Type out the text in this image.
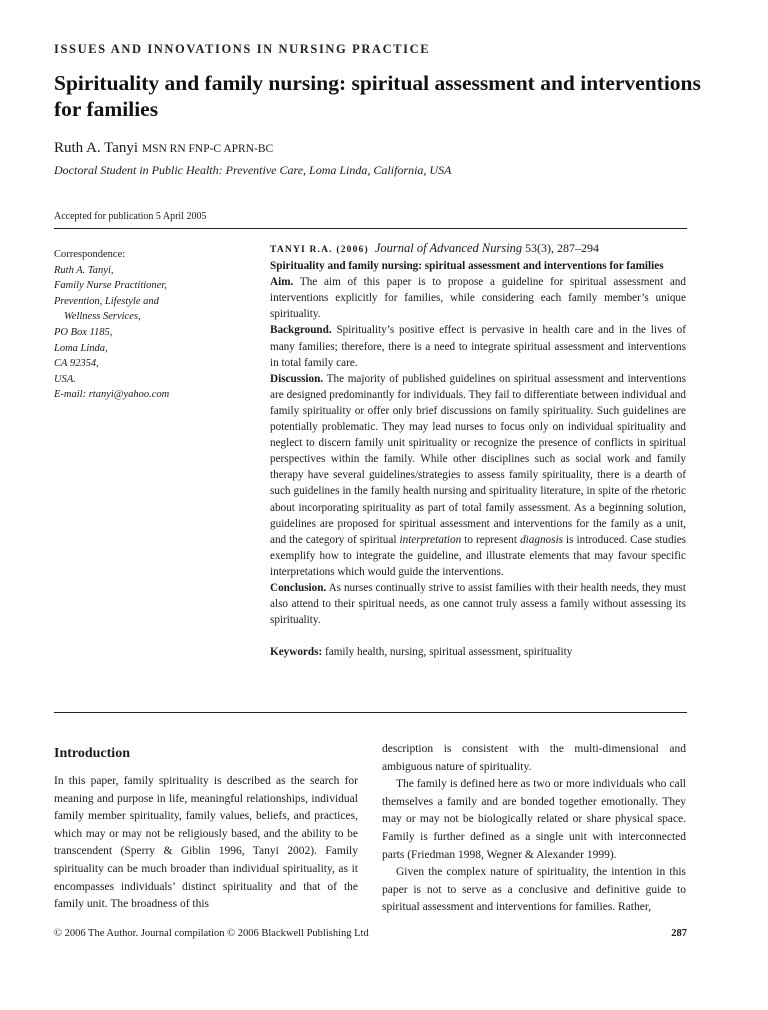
ISSUES AND INNOVATIONS IN NURSING PRACTICE
Spirituality and family nursing: spiritual assessment and interventions for families
Ruth A. Tanyi MSN RN FNP-C APRN-BC
Doctoral Student in Public Health: Preventive Care, Loma Linda, California, USA
Accepted for publication 5 April 2005
Correspondence:
Ruth A. Tanyi,
Family Nurse Practitioner,
Prevention, Lifestyle and
Wellness Services,
PO Box 1185,
Loma Linda,
CA 92354,
USA.
E-mail: rtanyi@yahoo.com

TANYI R.A. (2006) Journal of Advanced Nursing 53(3), 287–294

Spirituality and family nursing: spiritual assessment and interventions for families

Aim. The aim of this paper is to propose a guideline for spiritual assessment and interventions explicitly for families, while considering each family member’s unique spirituality.

Background. Spirituality’s positive effect is pervasive in health care and in the lives of many families; therefore, there is a need to integrate spiritual assessment and interventions in total family care.

Discussion. The majority of published guidelines on spiritual assessment and interventions are designed predominantly for individuals. They fail to differentiate between individual and family spirituality or offer only brief discussions on family spirituality. Such guidelines are potentially problematic. They may lead nurses to focus only on individual spirituality and neglect to discern family unit spirituality or recognize the presence of conflicts in spiritual perspectives within the family. While other disciplines such as social work and family therapy have several guidelines/strategies to assess family spirituality, there is a dearth of such guidelines in the family health nursing and spirituality literature, in spite of the rhetoric about incorporating spirituality as part of total family assessment. As a beginning solution, guidelines are proposed for spiritual assessment and interventions for the family as a unit, and the category of spiritual interpretation to represent diagnosis is introduced. Case studies exemplify how to integrate the guideline, and illustrate elements that may favour specific interpretations which would guide the interventions.

Conclusion. As nurses continually strive to assist families with their health needs, they must also attend to their spiritual needs, as one cannot truly assess a family without assessing its spirituality.

Keywords: family health, nursing, spiritual assessment, spirituality

Introduction

In this paper, family spirituality is described as the search for meaning and purpose in life, meaningful relationships, individual family member spirituality, family values, beliefs, and practices, which may or may not be religiously based, and the ability to be transcendent (Sperry & Giblin 1996, Tanyi 2002). Family spirituality can be much broader than individual spirituality, as it encompasses individuals’ distinct spirituality and that of the family unit. The broadness of this

description is consistent with the multi-dimensional and ambiguous nature of spirituality.

The family is defined here as two or more individuals who call themselves a family and are bonded together emotionally. They may or may not be biologically related or share physical space. Family is further defined as a single unit with interconnected parts (Friedman 1998, Wegner & Alexander 1999).

Given the complex nature of spirituality, the intention in this paper is not to serve as a conclusive and definitive guide to spiritual assessment and interventions for families. Rather,

© 2006 The Author. Journal compilation © 2006 Blackwell Publishing Ltd	287
